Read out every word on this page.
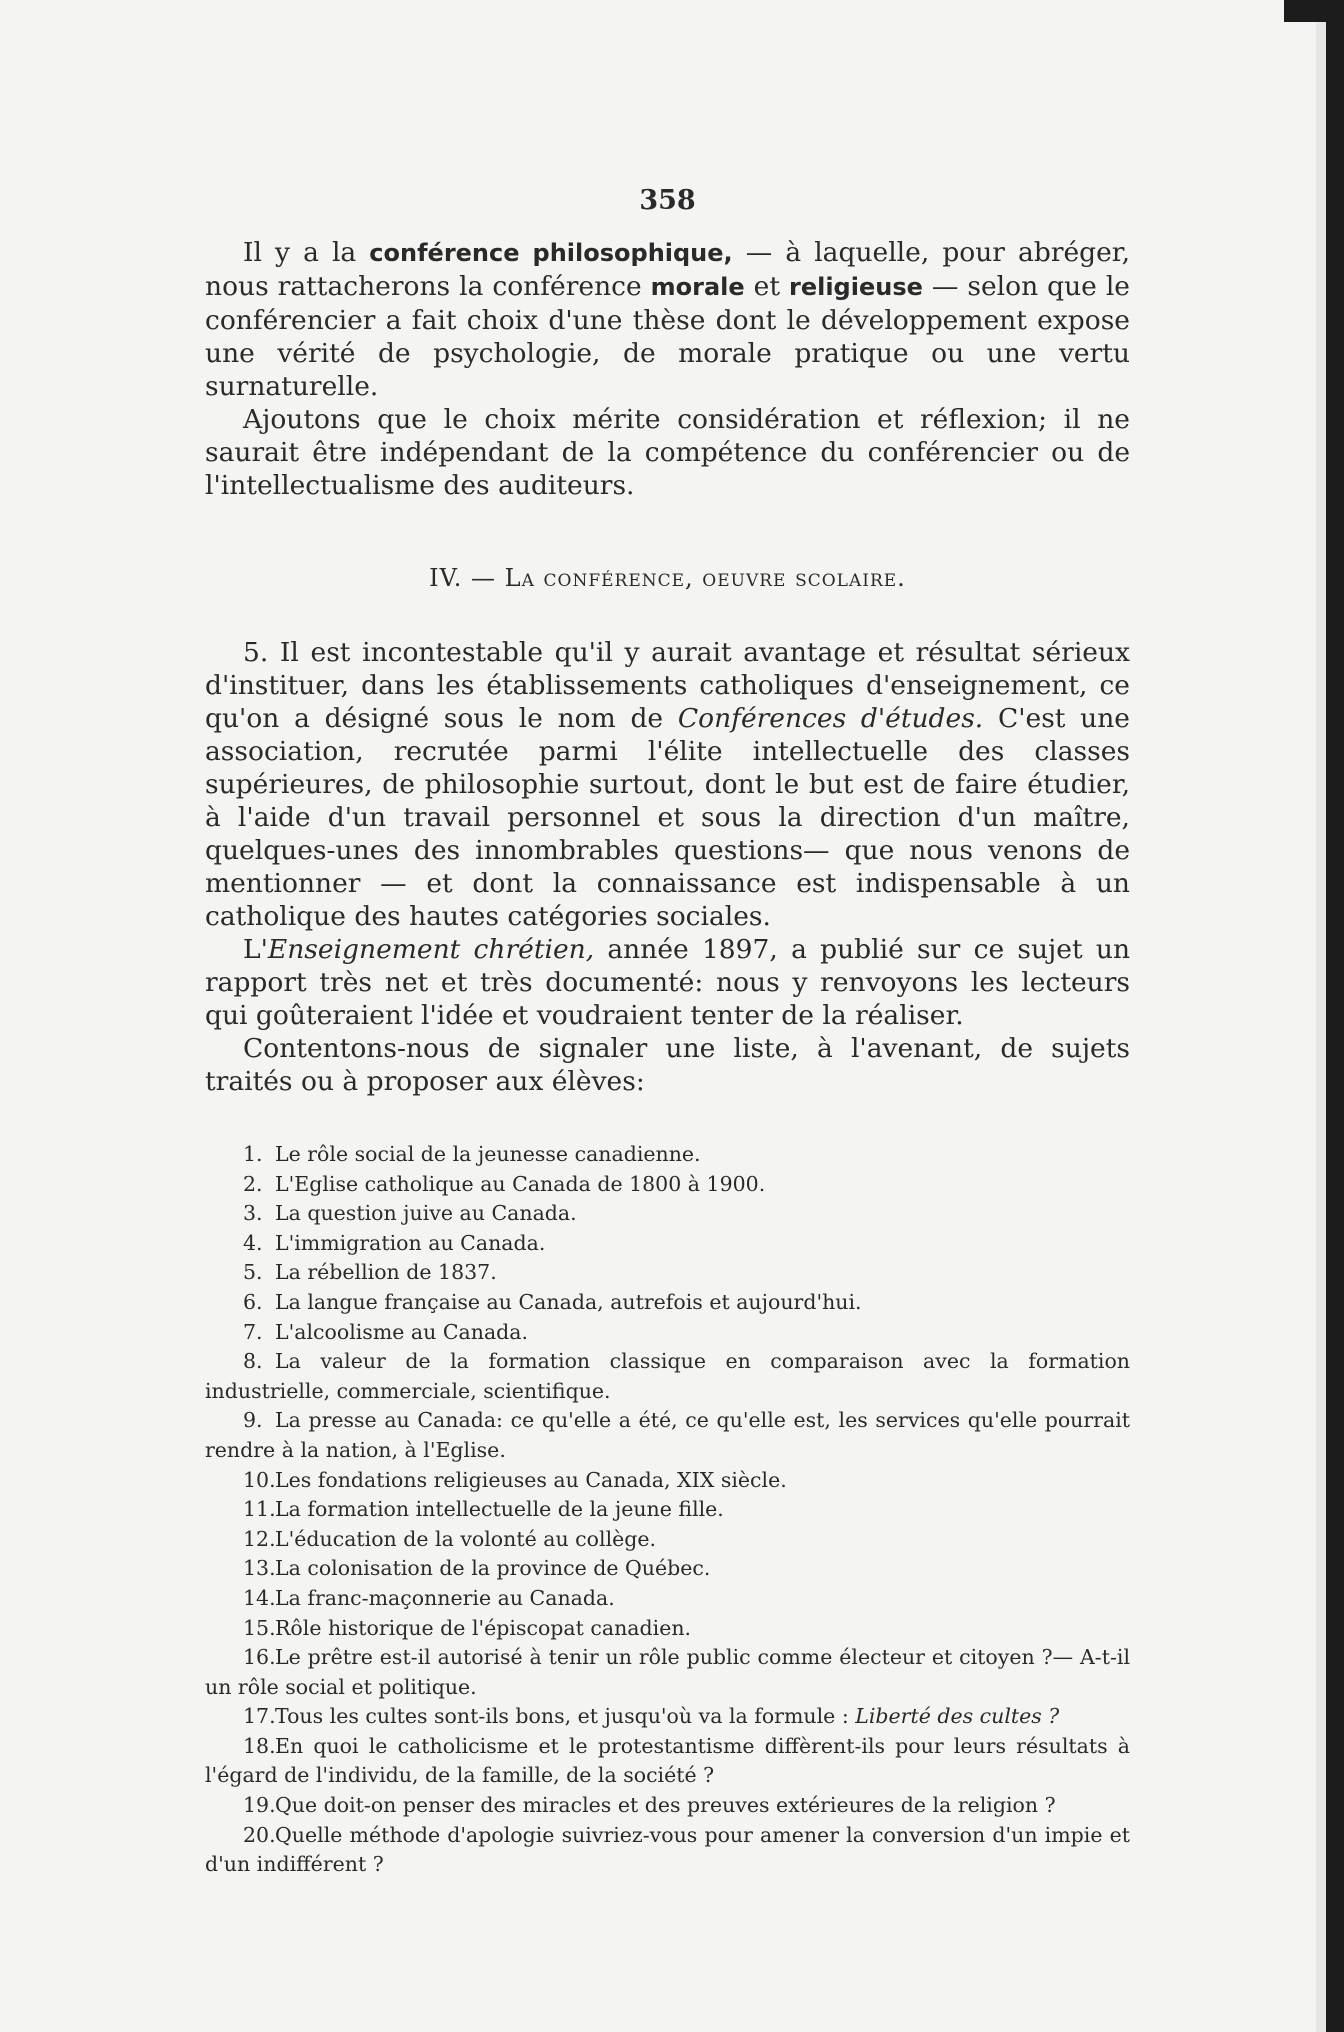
358

Il y a la conférence philosophique, — à laquelle, pour abréger, nous rattacherons la conférence morale et religieuse — selon que le conférencier a fait choix d'une thèse dont le développement expose une vérité de psychologie, de morale pratique ou une vertu surnaturelle.

Ajoutons que le choix mérite considération et réflexion; il ne saurait être indépendant de la compétence du conférencier ou de l'intellectualisme des auditeurs.

IV. — La conférence, oeuvre scolaire.

5. Il est incontestable qu'il y aurait avantage et résultat sérieux d'instituer, dans les établissements catholiques d'enseignement, ce qu'on a désigné sous le nom de Conférences d'études. C'est une association, recrutée parmi l'élite intellectuelle des classes supérieures, de philosophie surtout, dont le but est de faire étudier, à l'aide d'un travail personnel et sous la direction d'un maître, quelques-unes des innombrables questions— que nous venons de mentionner — et dont la connaissance est indispensable à un catholique des hautes catégories sociales.

L'Enseignement chrétien, année 1897, a publié sur ce sujet un rapport très net et très documenté: nous y renvoyons les lecteurs qui goûteraient l'idée et voudraient tenter de la réaliser.

Contentons-nous de signaler une liste, à l'avenant, de sujets traités ou à proposer aux élèves:

1. Le rôle social de la jeunesse canadienne.
2. L'Eglise catholique au Canada de 1800 à 1900.
3. La question juive au Canada.
4. L'immigration au Canada.
5. La rébellion de 1837.
6. La langue française au Canada, autrefois et aujourd'hui.
7. L'alcoolisme au Canada.
8. La valeur de la formation classique en comparaison avec la formation industrielle, commerciale, scientifique.
9. La presse au Canada: ce qu'elle a été, ce qu'elle est, les services qu'elle pourrait rendre à la nation, à l'Eglise.
10.Les fondations religieuses au Canada, XIX siècle.
11.La formation intellectuelle de la jeune fille.
12.L'éducation de la volonté au collège.
13.La colonisation de la province de Québec.
14.La franc-maçonnerie au Canada.
15.Rôle historique de l'épiscopat canadien.
16.Le prêtre est-il autorisé à tenir un rôle public comme électeur et citoyen ?— A-t-il un rôle social et politique.
17.Tous les cultes sont-ils bons, et jusqu'où va la formule : Liberté des cultes ?
18.En quoi le catholicisme et le protestantisme diffèrent-ils pour leurs résultats à l'égard de l'individu, de la famille, de la société ?
19.Que doit-on penser des miracles et des preuves extérieures de la religion ?
20.Quelle méthode d'apologie suivriez-vous pour amener la conversion d'un impie et d'un indifférent ?
